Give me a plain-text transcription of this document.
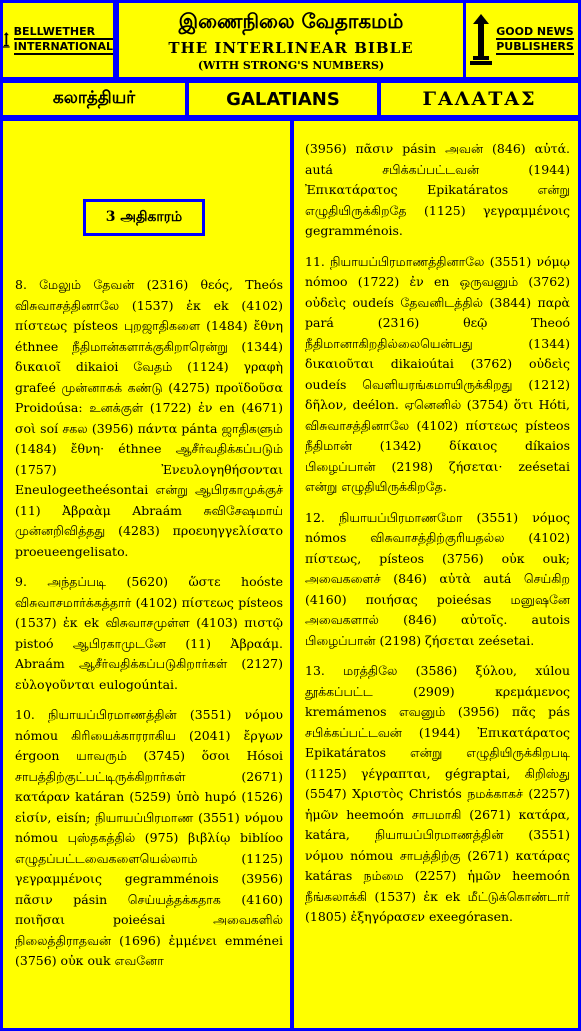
BELLWETHER
INTERNATIONAL
இணைநிலை வேதாகமம்
THE INTERLINEAR BIBLE
(WITH STRONG'S NUMBERS)
GOOD NEWS
PUBLISHERS
கலாத்தியர்	GALATIANS	ΓΑΛΑΤΑΣ
3 அதிகாரம்

8. மேலும் தேவன் (2316) θεός, Theós விசுவாசத்தினாலே (1537) ἐκ ek (4102) πίστεως písteos புறஜாதிகளை (1484) ἔθνη éthnee நீதிமான்களாக்குகிறாரென்று (1344) δικαιοῖ dikaioi வேதம் (1124) γραφὴ grafeé முன்னாகக் கண்டு (4275) προϊδοῦσα Proidoúsa: உனக்குள் (1722) ἐν en (4671) σοὶ soí சகல (3956) πάντα pánta ஜாதிகளும் (1484) ἔθνη· éthnee ஆசீர்வதிக்கப்படும் (1757) Ἐνευλογηθήσονται Eneulogeetheésontai என்று ஆபிரகாமுக்குச் (11) Ἀβραὰμ Abraám சுவிசேஷமாய் முன்னறிவித்தது (4283) προευηγγελίσατο proeueengelisato.

9. அந்தப்படி (5620) ὥστε hoóste விசுவாசமார்க்கத்தார் (4102) πίστεως písteos (1537) ἐκ ek விசுவாசமுள்ள (4103) πιστῷ pistoó ஆபிரகாமுடனே (11) Ἀβραάμ. Abraám ஆசீர்வதிக்கப்படுகிறார்கள் (2127) εὐλογοῦνται eulogoúntai.

10. நியாயப்பிரமாணத்தின் (3551) νόμου nómou கிரியைக்காரராகிய (2041) ἔργων érgoon யாவரும் (3745) ὅσοι Hósoi சாபத்திற்குட்பட்டிருக்கிறார்கள் (2671) κατάραν katáran (5259) ὑπὸ hupó (1526) εἰσίν, eisín; நியாயப்பிரமாண (3551) νόμου nómou புஸ்தகத்தில் (975) βιβλίῳ biblíoo எழுதப்பட்டவைகளையெல்லாம் (1125) γεγραμμένοις gegramménois (3956) πᾶσιν pásin செய்யத்தக்கதாக (4160) ποιῆσαι poieésai அவைகளில் நிலைத்திராதவன் (1696) ἐμμένει emménei (3756) οὐκ ouk எவனோ

(3956) πᾶσιν pásin அவன் (846) αὐτά. autá சபிக்கப்பட்டவன் (1944) Ἐπικατάρατος Epikatáratos என்று எழுதியிருக்கிறதே (1125) γεγραμμένοις gegramménois.

11. நியாயப்பிரமாணத்தினாலே (3551) νόμῳ nómoo (1722) ἐν en ஒருவனும் (3762) οὐδεὶς oudeís தேவனிடத்தில் (3844) παρὰ pará (2316) θεῷ Theoó நீதிமானாகிறதில்லையென்பது (1344) δικαιοῦται dikaioútai (3762) οὐδεὶς oudeís வெளியரங்கமாயிருக்கிறது (1212) δῆλον, deélon. ஏனெனில் (3754) ὅτι Hóti, விசுவாசத்தினாலே (4102) πίστεως písteos நீதிமான் (1342) δίκαιος díkaios பிழைப்பான் (2198) ζήσεται· zeésetai என்று எழுதியிருக்கிறதே.

12. நியாயப்பிரமாணமோ (3551) νόμος nómos விசுவாசத்திற்குரியதல்ல (4102) πίστεως, písteos (3756) οὐκ ouk; அவைகளைச் (846) αὐτὰ autá செய்கிற (4160) ποιήσας poieésas மனுஷனே அவைகளால் (846) αὐτοῖς. autois பிழைப்பான் (2198) ζήσεται zeésetai.

13. மரத்திலே (3586) ξύλου, xúlou தூக்கப்பட்ட (2909) κρεμάμενος kremámenos எவனும் (3956) πᾶς pás சபிக்கப்பட்டவன் (1944) Ἐπικατάρατος Epikatáratos என்று எழுதியிருக்கிறபடி (1125) γέγραπται, gégraptai, கிறிஸ்து (5547) Χριστὸς Christós நமக்காகச் (2257) ἡμῶν heemoón சாபமாகி (2671) κατάρα, katára, நியாயப்பிரமாணத்தின் (3551) νόμου nómou சாபத்திற்கு (2671) κατάρας katáras நம்மை (2257) ἡμῶν heemoón நீங்கலாக்கி (1537) ἐκ ek மீட்டுக்கொண்டார் (1805) ἐξηγόρασεν exeegórasen.
